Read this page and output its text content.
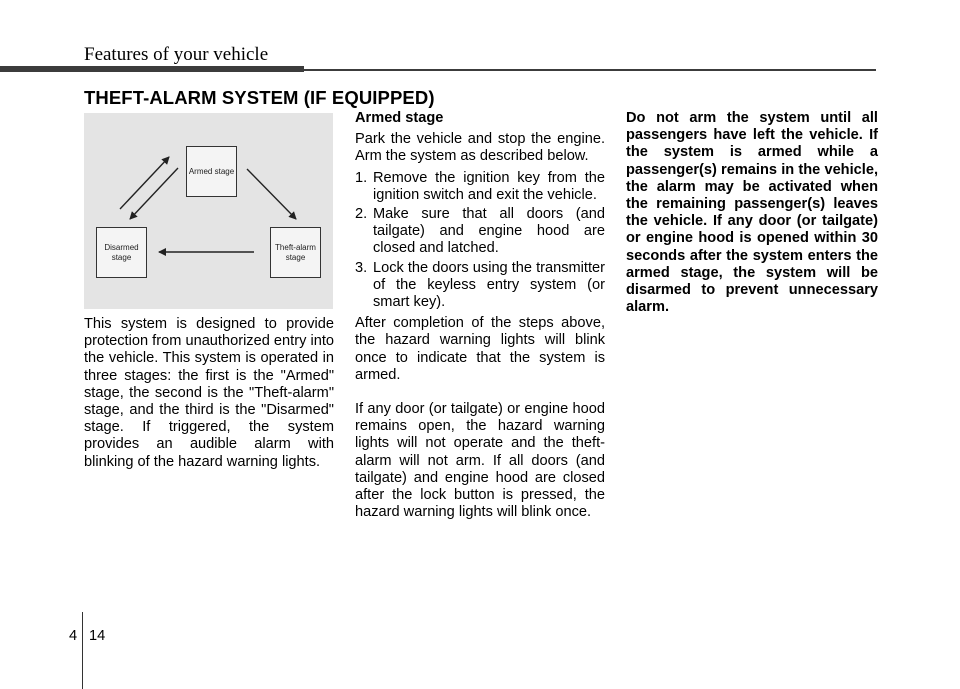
Features of your vehicle
THEFT-ALARM SYSTEM (IF EQUIPPED)
Armed stage
Disarmed stage
Theft-alarm stage

This system is designed to provide protection from unauthorized entry into the vehicle. This system is operated in three stages: the first is the "Armed" stage, the second is the "Theft-alarm" stage, and the third is the "Disarmed" stage. If triggered, the system provides an audible alarm with blinking of the hazard warning lights.

Armed stage

Park the vehicle and stop the engine. Arm the system as described below.

1. Remove the ignition key from the ignition switch and exit the vehicle.
2. Make sure that all doors (and tailgate) and engine hood are closed and latched.
3. Lock the doors using the transmitter of the keyless entry system (or smart key).

After completion of the steps above, the hazard warning lights will blink once to indicate that the system is armed.

If any door (or tailgate) or engine hood remains open, the hazard warning lights will not operate and the theft-alarm will not arm. If all doors (and tailgate) and engine hood are closed after the lock button is pressed, the hazard warning lights will blink once.

Do not arm the system until all passengers have left the vehicle. If the system is armed while a passenger(s) remains in the vehicle, the alarm may be activated when the remaining passenger(s) leaves the vehicle. If any door (or tailgate) or engine hood is opened within 30 seconds after the system enters the armed stage, the system will be disarmed to prevent unnecessary alarm.

4 14
